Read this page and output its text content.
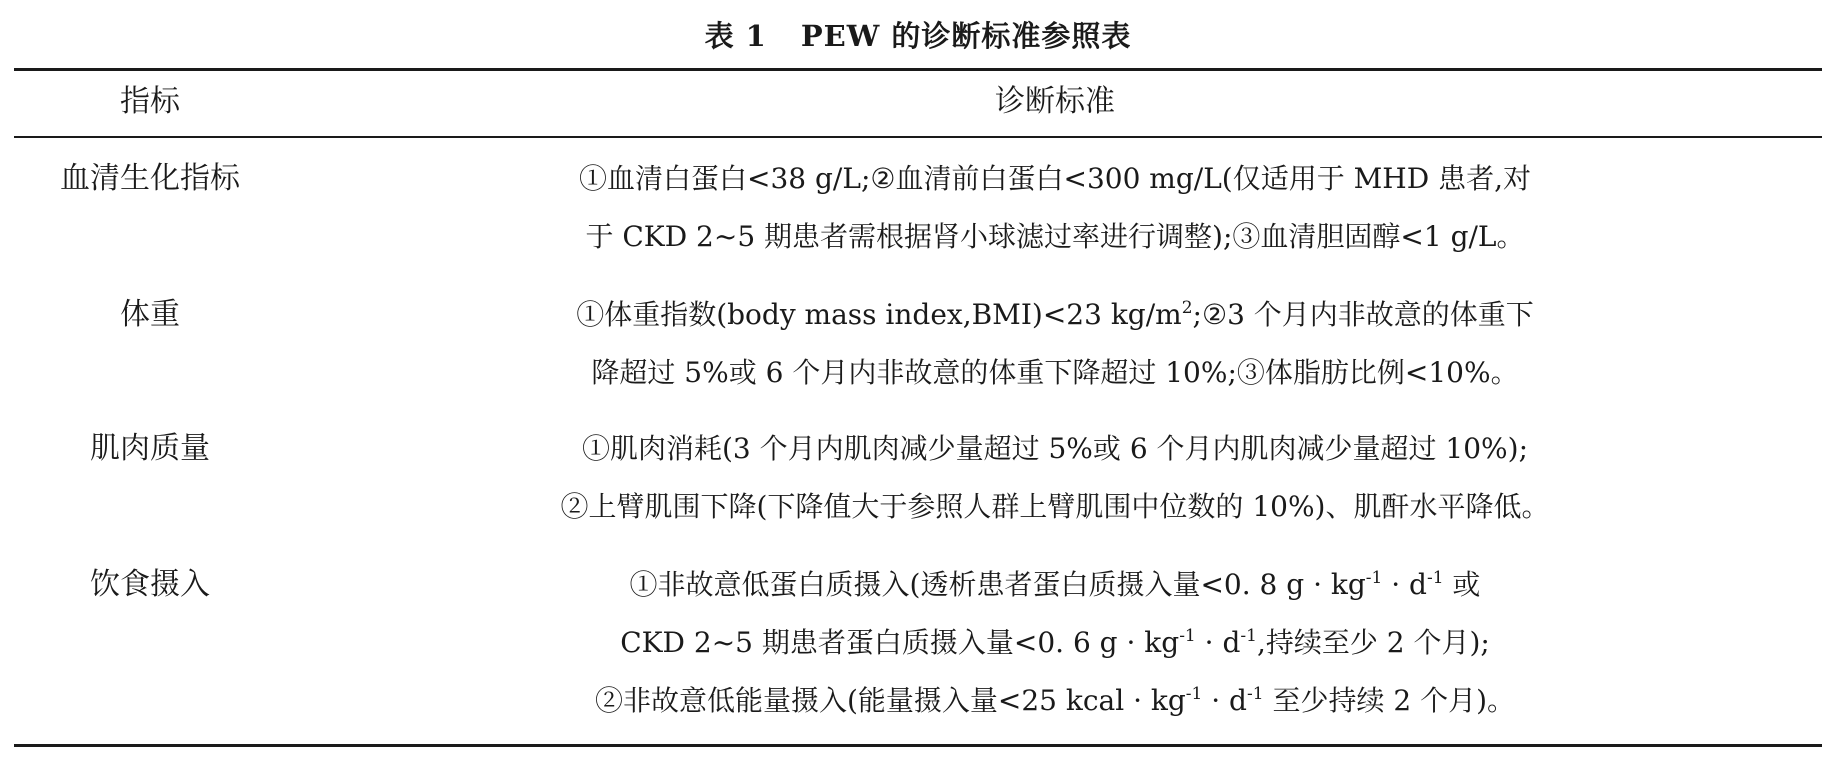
表 1 PEW 的诊断标准参照表
指标	诊断标准
血清生化指标	①血清白蛋白<38 g/L;②血清前白蛋白<300 mg/L(仅适用于 MHD 患者,对
于 CKD 2~5 期患者需根据肾小球滤过率进行调整);③血清胆固醇<1 g/L。
体重	①体重指数(body mass index,BMI)<23 $kg/m^2;②3$ 个月内非故意的体重下
降超过 5%或 6 个月内非故意的体重下降超过 10%;③体脂肪比例<10%。
肌肉质量	①肌肉消耗(3 个月内肌肉减少量超过 5%或 6 个月内肌肉减少量超过 10%);
②上臂肌围下降(下降值大于参照人群上臂肌围中位数的 10%)、肌酐水平降低。
饮食摄入	①非故意低蛋白质摄入(透析患者蛋白质摄入量<0. 8 $g \cdot kg^{-1} \cdot d^{-1}$ 或
CKD 2~5 期患者蛋白质摄入量<0. 6 $g \cdot kg^{-1} \cdot d^{-1}$,持续至少 2 个月);
②非故意低能量摄入(能量摄入量<25 kcal · $kg^{-1} \cdot d^{-1}$ 至少持续 2 个月)。
